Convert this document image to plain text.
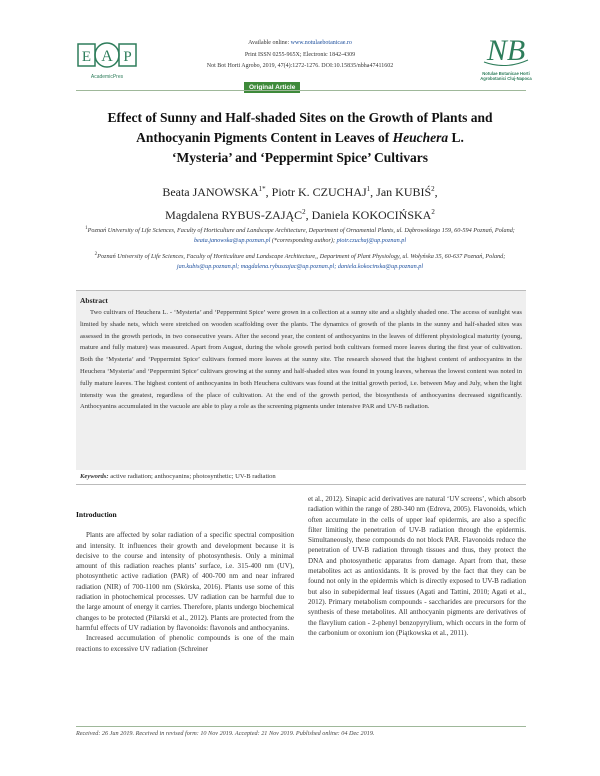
E A P
AcademicPres
Available online: www.notulaebotanicae.ro
Print ISSN 0255-965X; Electronic 1842-4309
Not Bot Horti Agrobo, 2019, 47(4):1272-1276. DOI:10.15835/nbha47411602	NB
Notulae Botanicae Horti
Agrobotanici Cluj-Napoca
Original Article
Effect of Sunny and Half-shaded Sites on the Growth of Plants and
Anthocyanin Pigments Content in Leaves of Heuchera L.
‘Mysteria’ and ‘Peppermint Spice’ Cultivars
Beata $JANOWSKA^{1*}$, Piotr K. CZUCHAJ$^1$, Jan KUBIŚ$^2$,
Magdalena RYBUS-ZAJĄC$^2$, Daniela KOKOCIŃSKA$^2$
$^1$Poznań University of Life Sciences, Faculty of Horticulture and Landscape Architecture, Department of Ornamental Plants, ul. Dąbrowskiego 159, 60-594 Poznań, Poland; beata.janowska@up.poznan.pl (*corresponding author); piotr.czuchaj@up.poznan.pl
$^2$Poznań University of Life Sciences, Faculty of Horticulture and Landscape Architecture,, Department of Plant Physiology, ul. Wołyńska 35, 60-637 Poznań, Poland; jan.kubis@up.poznan.pl; magdalena.rybuszajac@up.poznan.pl; daniela.kokocinska@up.poznan.pl
Abstract
Two cultivars of Heuchera L. - ‘Mysteria’ and ‘Peppermint Spice’ were grown in a collection at a sunny site and a slightly shaded one. The access of sunlight was limited by shade nets, which were stretched on wooden scaffolding over the plants. The dynamics of growth of the plants in the sunny and half-shaded sites was assessed in the growth periods, in two consecutive years. After the second year, the content of anthocyanins in the leaves of different physiological maturity (young, mature and fully mature) was measured. Apart from August, during the whole growth period both cultivars formed more leaves during the first year of cultivation. Both the ‘Mysteria’ and ‘Peppermint Spice’ cultivars formed more leaves at the sunny site. The research showed that the highest content of anthocyanins in the Heuchera ‘Mysteria’ and ‘Peppermint Spice’ cultivars growing at the sunny and half-shaded sites was found in young leaves, whereas the lowest content was noted in fully mature leaves. The highest content of anthocyanins in both Heuchera cultivars was found at the initial growth period, i.e. between May and July, when the light intensity was the greatest, regardless of the place of cultivation. At the end of the growth period, the biosynthesis of anthocyanins decreased significantly. Anthocyanins accumulated in the vacuole are able to play a role as the screening pigments under intensive PAR and UV-B radiation.
Keywords: active radiation; anthocyanins; photosynthetic; UV-B radiation
Introduction

Plants are affected by solar radiation of a specific spectral composition and intensity. It influences their growth and development because it is decisive to the course and intensity of photosynthesis. Only a minimal amount of this radiation reaches plants’ surface, i.e. 315-400 nm (UV), photosynthetic active radiation (PAR) of 400-700 nm and near infrared radiation (NIR) of 700-1100 nm (Skórska, 2016). Plants use some of this radiation in photochemical processes. UV radiation can be harmful due to the large amount of energy it carries. Therefore, plants undergo biochemical changes to be protected (Pilarski et al., 2012). Plants are protected from the harmful effects of UV radiation by flavonoids: flavonols and anthocyanins.

Increased accumulation of phenolic compounds is one of the main reactions to excessive UV radiation (Schreiner

et al., 2012). Sinapic acid derivatives are natural ‘UV screens’, which absorb radiation within the range of 280-340 nm (Edreva, 2005). Flavonoids, which often accumulate in the cells of upper leaf epidermis, are also a specific filter limiting the penetration of UV-B radiation through the epidermis. Simultaneously, these compounds do not block PAR. Flavonoids reduce the penetration of UV-B radiation through tissues and thus, they protect the DNA and photosynthetic apparatus from damage. Apart from that, these metabolites act as antioxidants. It is proved by the fact that they can be found not only in the epidermis which is directly exposed to UV-B radiation but also in subepidermal leaf tissues (Agati and Tattini, 2010; Agati et al., 2012). Primary metabolism compounds - saccharides are precursors for the synthesis of these metabolites. All anthocyanin pigments are derivatives of the flavylium cation - 2-phenyl benzopyrylium, which occurs in the form of the carbonium or oxonium ion (Piątkowska et al., 2011).

Received: 26 Jun 2019. Received in revised form: 10 Nov 2019. Accepted: 21 Nov 2019. Published online: 04 Dec 2019.
